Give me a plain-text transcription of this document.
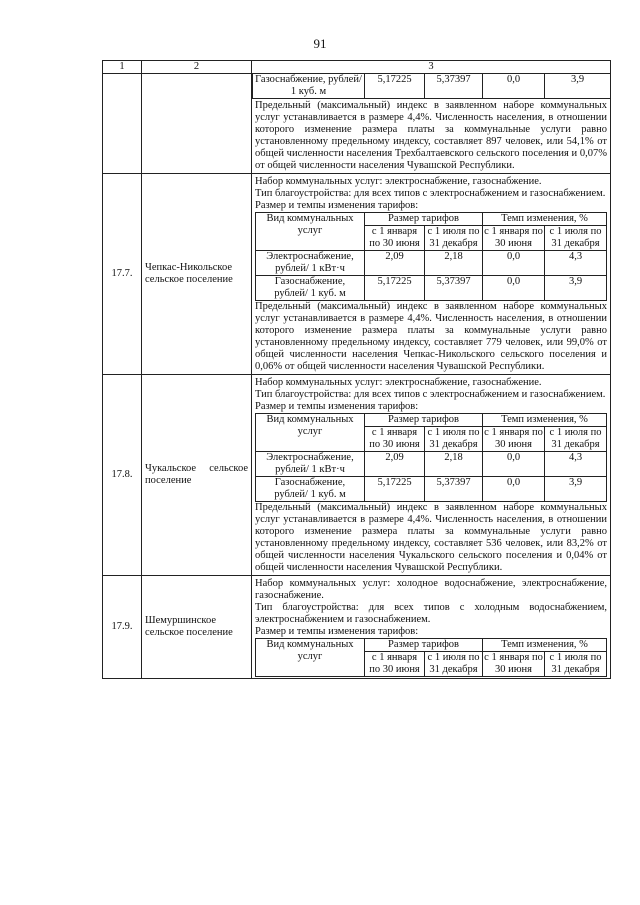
91
1	2	3

Газоснабжение, рублей/ 1 куб. м	5,17225	5,37397	0,0	3,9

Предельный (максимальный) индекс в заявленном наборе коммунальных услуг устанавливается в размере 4,4%. Численность населения, в отношении которого изменение размера платы за коммунальные услуги равно установленному предельному индексу, составляет 897 человек, или 54,1% от общей численности населения Трехбалтаевского сельского поселения и 0,07% от общей численности населения Чувашской Республики.

17.7.	Чепкас-Никольское сельское поселение	

Набор коммунальных услуг: электроснабжение, газоснабжение.

Тип благоустройства: для всех типов с электроснабжением и газоснабжением.

Размер и темпы изменения тарифов:

Вид коммунальных услуг	Размер тарифов	Темп изменения, %
с 1 января по 30 июня	с 1 июля по 31 декабря	с 1 января по 30 июня	с 1 июля по 31 декабря
Электроснабжение, рублей/ 1 кВт·ч	2,09	2,18	0,0	4,3
Газоснабжение, рублей/ 1 куб. м	5,17225	5,37397	0,0	3,9

Предельный (максимальный) индекс в заявленном наборе коммунальных услуг устанавливается в размере 4,4%. Численность населения, в отношении которого изменение размера платы за коммунальные услуги равно установленному предельному индексу, составляет 779 человек, или 99,0% от общей численности населения Чепкас-Никольского сельского поселения и 0,06% от общей численности населения Чувашской Республики.

17.8.	Чукальское сельское поселение	

Набор коммунальных услуг: электроснабжение, газоснабжение.

Тип благоустройства: для всех типов с электроснабжением и газоснабжением.

Размер и темпы изменения тарифов:

Вид коммунальных услуг	Размер тарифов	Темп изменения, %
с 1 января по 30 июня	с 1 июля по 31 декабря	с 1 января по 30 июня	с 1 июля по 31 декабря
Электроснабжение, рублей/ 1 кВт·ч	2,09	2,18	0,0	4,3
Газоснабжение, рублей/ 1 куб. м	5,17225	5,37397	0,0	3,9

Предельный (максимальный) индекс в заявленном наборе коммунальных услуг устанавливается в размере 4,4%. Численность населения, в отношении которого изменение размера платы за коммунальные услуги равно установленному предельному индексу, составляет 536 человек, или 83,2% от общей численности населения Чукальского сельского поселения и 0,04% от общей численности населения Чувашской Республики.

17.9.	Шемуршинское сельское поселение	

Набор коммунальных услуг: холодное водоснабжение, электроснабжение, газоснабжение.

Тип благоустройства: для всех типов с холодным водоснабжением, электроснабжением и газоснабжением.

Размер и темпы изменения тарифов:

Вид коммунальных услуг	Размер тарифов	Темп изменения, %
с 1 января по 30 июня	с 1 июля по 31 декабря	с 1 января по 30 июня	с 1 июля по 31 декабря
